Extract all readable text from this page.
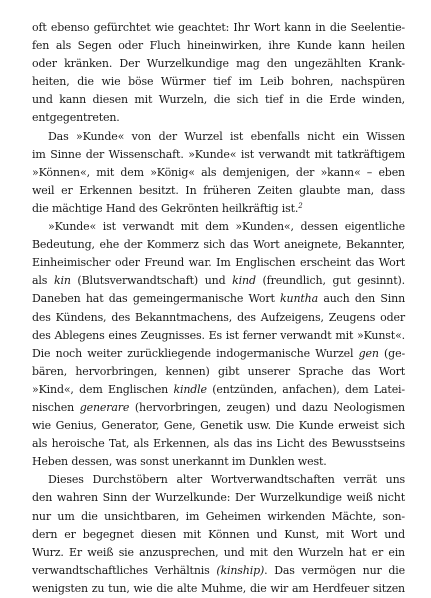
oft ebenso gefürchtet wie geachtet: Ihr Wort kann in die Seelentie-
fen als Segen oder Fluch hineinwirken, ihre Kunde kann heilen
oder kränken. Der Wurzelkundige mag den ungezählten Krank-
heiten, die wie böse Würmer tief im Leib bohren, nachspüren
und kann diesen mit Wurzeln, die sich tief in die Erde winden,
entgegentreten.
Das »Kunde« von der Wurzel ist ebenfalls nicht ein Wissen
im Sinne der Wissenschaft. »Kunde« ist verwandt mit tatkräftigem
»Können«, mit dem »König« als demjenigen, der »kann« – eben
weil er Erkennen besitzt. In früheren Zeiten glaubte man, dass
die mächtige Hand des Gekrönten heilkräftig ist.$^2$
»Kunde« ist verwandt mit dem »Kunden«, dessen eigentliche
Bedeutung, ehe der Kommerz sich das Wort aneignete, Bekannter,
Einheimischer oder Freund war. Im Englischen erscheint das Wort
als kin (Blutsverwandtschaft) und kind (freundlich, gut gesinnt).
Daneben hat das gemeingermanische Wort kuntha auch den Sinn
des Kündens, des Bekanntmachens, des Aufzeigens, Zeugens oder
des Ablegens eines Zeugnisses. Es ist ferner verwandt mit »Kunst«.
Die noch weiter zurückliegende indogermanische Wurzel gen (ge-
bären, hervorbringen, kennen) gibt unserer Sprache das Wort
»Kind«, dem Englischen kindle (entzünden, anfachen), dem Latei-
nischen generare (hervorbringen, zeugen) und dazu Neologismen
wie Genius, Generator, Gene, Genetik usw. Die Kunde erweist sich
als heroische Tat, als Erkennen, als das ins Licht des Bewusstseins
Heben dessen, was sonst unerkannt im Dunklen west.
Dieses Durchstöbern alter Wortverwandtschaften verrät uns
den wahren Sinn der Wurzelkunde: Der Wurzelkundige weiß nicht
nur um die unsichtbaren, im Geheimen wirkenden Mächte, son-
dern er begegnet diesen mit Können und Kunst, mit Wort und
Wurz. Er weiß sie anzusprechen, und mit den Wurzeln hat er ein
verwandtschaftliches Verhältnis (kinship). Das vermögen nur die
wenigsten zu tun, wie die alte Muhme, die wir am Herdfeuer sitzen
